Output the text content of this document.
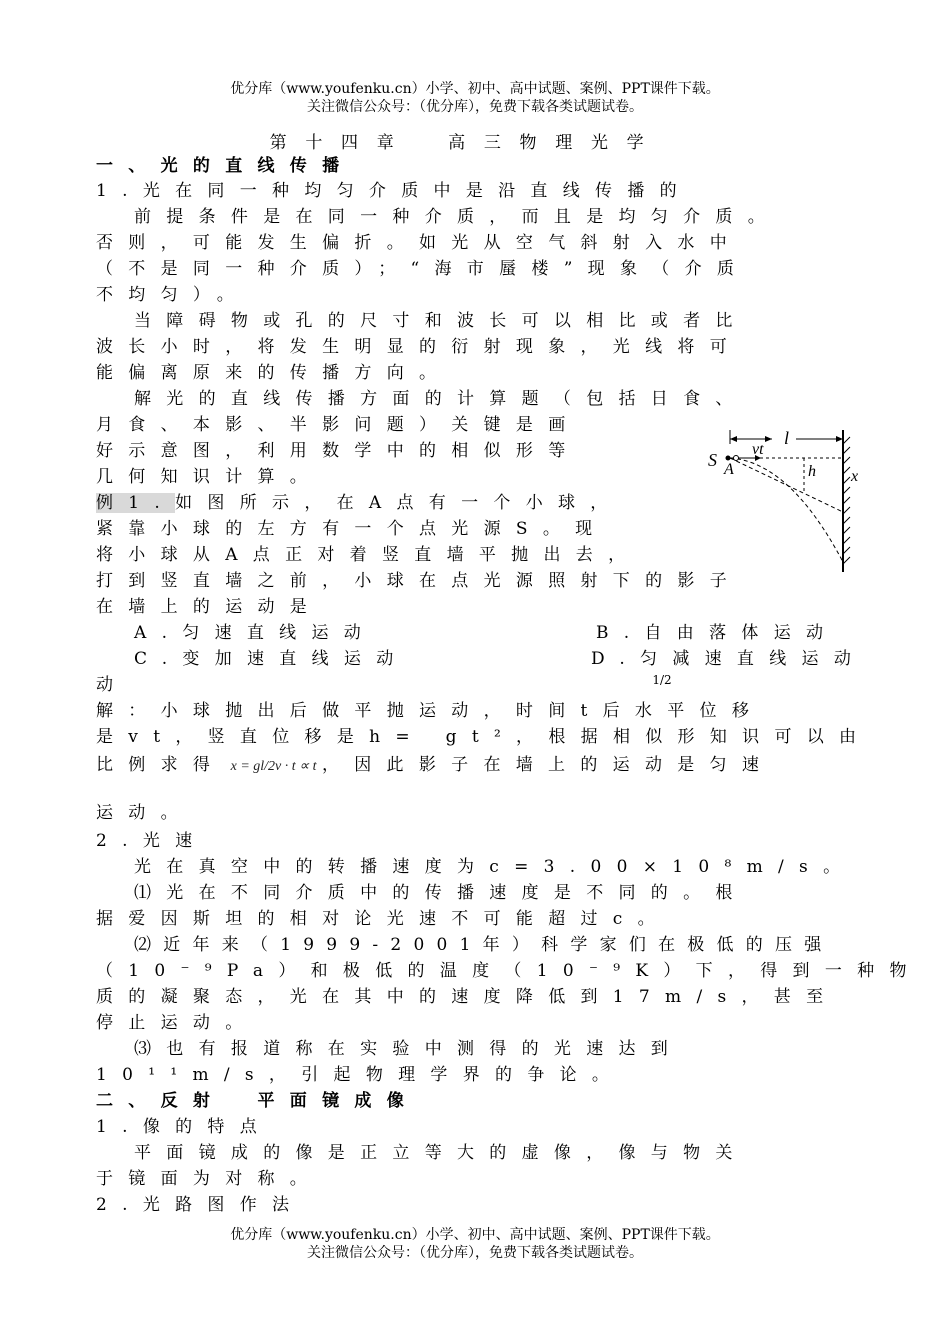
优分库（www.youfenku.cn）小学、初中、高中试题、案例、PPT课件下载。
关注微信公众号：（优分库），免费下载各类试题试卷。
第十四章　高三物理光学
一、光的直线传播
1.光在同一种均匀介质中是沿直线传播的
前提条件是在同一种介质，而且是均匀介质。
否则，可能发生偏折。如光从空气斜射入水中
（不是同一种介质）；“海市蜃楼”现象（介质
不均匀）。
当障碍物或孔的尺寸和波长可以相比或者比
波长小时，将发生明显的衍射现象，光线将可
能偏离原来的传播方向。
解光的直线传播方面的计算题（包括日食、
月食、本影、半影问题）关键是画
好示意图，利用数学中的相似形等
几何知识计算。
例1.如图所示，在A点有一个小球，
紧靠小球的左方有一个点光源S。现
将小球从A点正对着竖直墙平抛出去，
打到竖直墙之前，小球在点光源照射下的影子
在墙上的运动是
A.匀速直线运动	B.自由落体运动
C.变加速直线运动	D.匀减速直线运动
动	1/2
解：小球抛出后做平抛运动，时间t后水平位移
是vt，竖直位移是h= gt²，根据相似形知识可以由
比例求得 x = gl/2v · t ∝ t ，因此影子在墙上的运动是匀速
运动。
2.光速
光在真空中的转播速度为c=3.00×10⁸m/s。
⑴光在不同介质中的传播速度是不同的。根
据爱因斯坦的相对论光速不可能超过c。
⑵近年来（1999-2001年）科学家们在极低的压强
（10⁻⁹Pa）和极低的温度（10⁻⁹K）下，得到一种物
质的凝聚态，光在其中的速度降低到17m/s，甚至
停止运动。
⑶也有报道称在实验中测得的光速达到
10¹¹m/s，引起物理学界的争论。
二、反射　平面镜成像
1.像的特点
平面镜成的像是正立等大的虚像，像与物关
于镜面为对称。
2.光路图作法
S A
vt
l
h x
优分库（www.youfenku.cn）小学、初中、高中试题、案例、PPT课件下载。
关注微信公众号：（优分库），免费下载各类试题试卷。
